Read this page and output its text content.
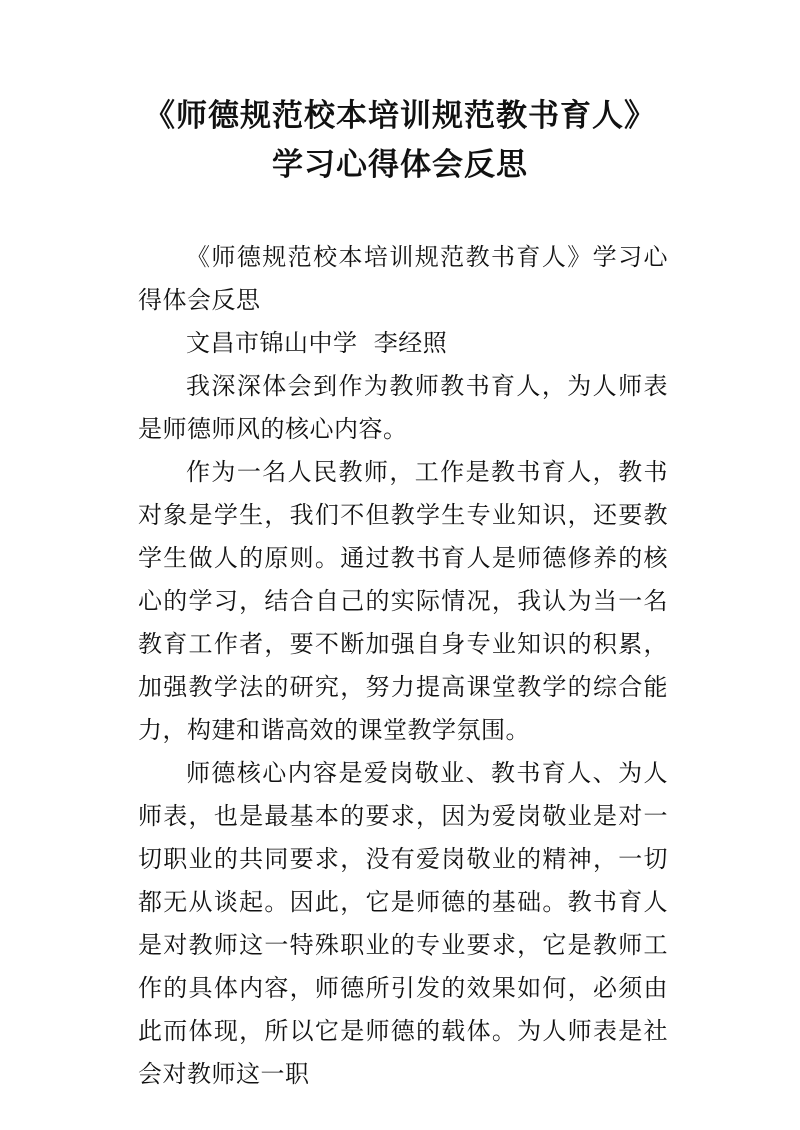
《师德规范校本培训规范教书育人》
学习心得体会反思

《师德规范校本培训规范教书育人》学习心得体会反思

文昌市锦山中学  李经照

我深深体会到作为教师教书育人，为人师表是师德师风的核心内容。

作为一名人民教师，工作是教书育人，教书对象是学生，我们不但教学生专业知识，还要教学生做人的原则。通过教书育人是师德修养的核心的学习，结合自己的实际情况，我认为当一名教育工作者，要不断加强自身专业知识的积累，加强教学法的研究，努力提高课堂教学的综合能力，构建和谐高效的课堂教学氛围。

师德核心内容是爱岗敬业、教书育人、为人师表，也是最基本的要求，因为爱岗敬业是对一切职业的共同要求，没有爱岗敬业的精神，一切都无从谈起。因此，它是师德的基础。教书育人是对教师这一特殊职业的专业要求，它是教师工作的具体内容，师德所引发的效果如何，必须由此而体现，所以它是师德的载体。为人师表是社会对教师这一职
